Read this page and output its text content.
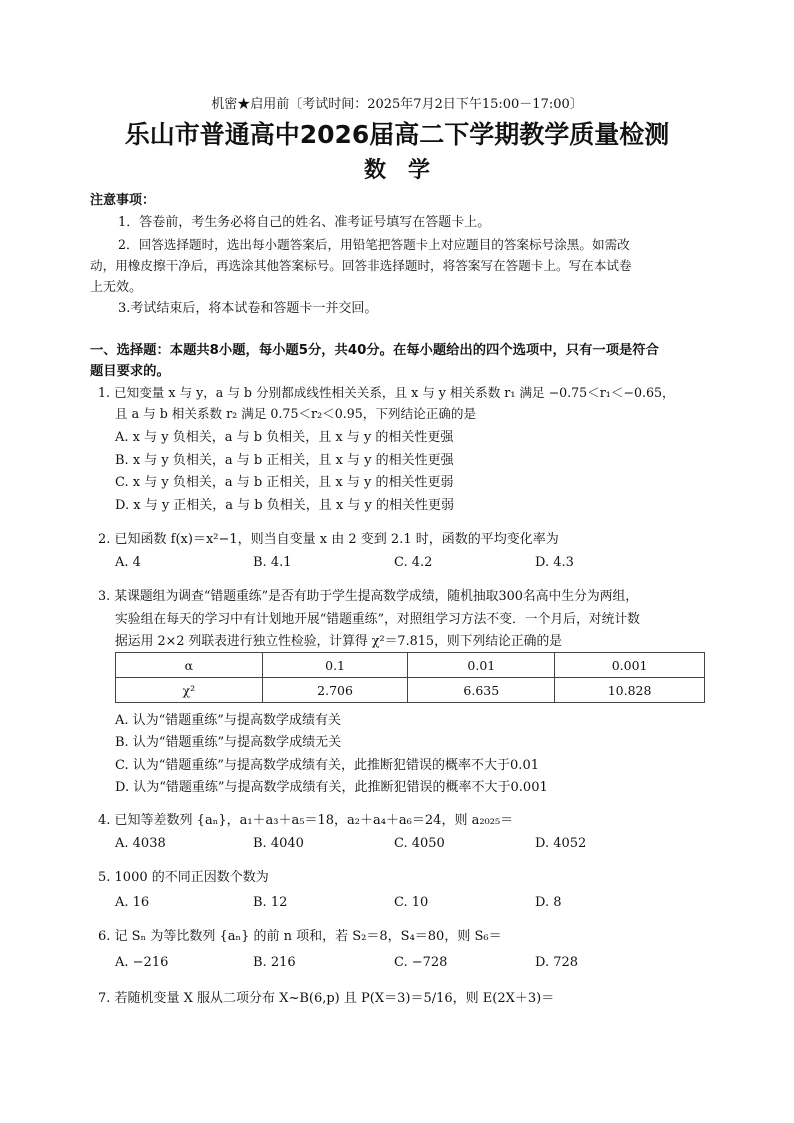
机密★启用前〔考试时间：2025年7月2日下午15:00－17:00〕
乐山市普通高中2026届高二下学期教学质量检测
数　学
注意事项：
1．答卷前，考生务必将自己的姓名、准考证号填写在答题卡上。
2．回答选择题时，选出每小题答案后，用铅笔把答题卡上对应题目的答案标号涂黑。如需改
动，用橡皮擦干净后，再选涂其他答案标号。回答非选择题时，将答案写在答题卡上。写在本试卷
上无效。
3.考试结束后，将本试卷和答题卡一并交回。
一、选择题：本题共8小题，每小题5分，共40分。在每小题给出的四个选项中，只有一项是符合
题目要求的。
1. 已知变量 x 与 y，a 与 b 分别都成线性相关关系，且 x 与 y 相关系数 r₁ 满足 −0.75＜r₁＜−0.65，
且 a 与 b 相关系数 r₂ 满足 0.75＜r₂＜0.95，下列结论正确的是
A. x 与 y 负相关，a 与 b 负相关，且 x 与 y 的相关性更强
B. x 与 y 负相关，a 与 b 正相关，且 x 与 y 的相关性更强
C. x 与 y 负相关，a 与 b 正相关，且 x 与 y 的相关性更弱
D. x 与 y 正相关，a 与 b 负相关，且 x 与 y 的相关性更弱
2. 已知函数 f(x)＝x²−1，则当自变量 x 由 2 变到 2.1 时，函数的平均变化率为
A. 4	B. 4.1	C. 4.2	D. 4.3
3. 某课题组为调查“错题重练”是否有助于学生提高数学成绩，随机抽取300名高中生分为两组，
实验组在每天的学习中有计划地开展“错题重练”，对照组学习方法不变．一个月后，对统计数
据运用 2×2 列联表进行独立性检验，计算得 χ²＝7.815，则下列结论正确的是
α	0.1	0.01	0.001
χ²	2.706	6.635	10.828
A. 认为“错题重练”与提高数学成绩有关
B. 认为“错题重练”与提高数学成绩无关
C. 认为“错题重练”与提高数学成绩有关，此推断犯错误的概率不大于0.01
D. 认为“错题重练”与提高数学成绩有关，此推断犯错误的概率不大于0.001
4. 已知等差数列 {aₙ}，a₁＋a₃＋a₅＝18，a₂＋a₄＋a₆＝24，则 a₂₀₂₅＝
A. 4038	B. 4040	C. 4050	D. 4052
5. 1000 的不同正因数个数为
A. 16	B. 12	C. 10	D. 8
6. 记 Sₙ 为等比数列 {aₙ} 的前 n 项和，若 S₂＝8，S₄＝80，则 S₆＝
A. −216	B. 216	C. −728	D. 728
7. 若随机变量 X 服从二项分布 X~B(6,p) 且 P(X＝3)＝5/16，则 E(2X＋3)＝
